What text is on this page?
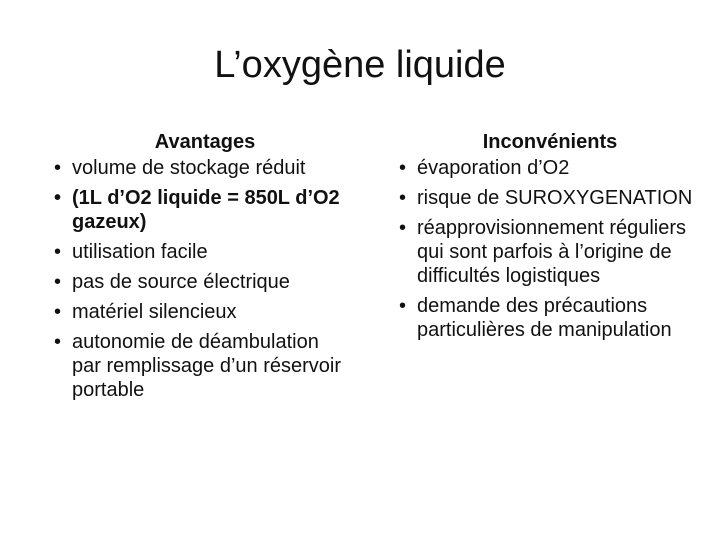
L’oxygène liquide
Avantages
• volume de stockage réduit
• (1L d’O2 liquide = 850L d’O2 gazeux)
• utilisation facile
• pas de source électrique
• matériel silencieux
• autonomie de déambulation par remplissage d’un réservoir portable
Inconvénients
• évaporation d’O2
• risque de SUROXYGENATION
• réapprovisionnement réguliers qui sont parfois à l’origine de difficultés logistiques
• demande des précautions particulières de manipulation
